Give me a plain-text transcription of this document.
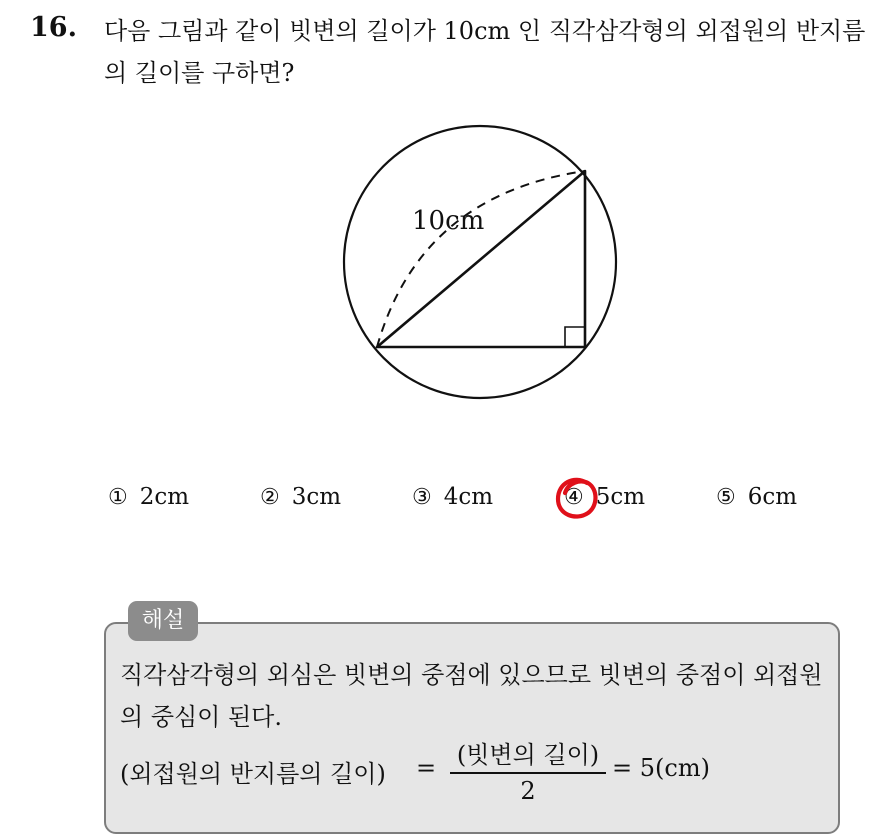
16. 다음 그림과 같이 빗변의 길이가 10cm 인 직각삼각형의 외접원의 반지름의 길이를 구하면?
10cm
① 2cm	② 3cm	③ 4cm	④ 5cm	⑤ 6cm
해설
직각삼각형의 외심은 빗변의 중점에 있으므로 빗변의 중점이 외접원의 중심이 된다.
(외접원의 반지름의 길이) = (빗변의 길이)
2
= 5(cm)
